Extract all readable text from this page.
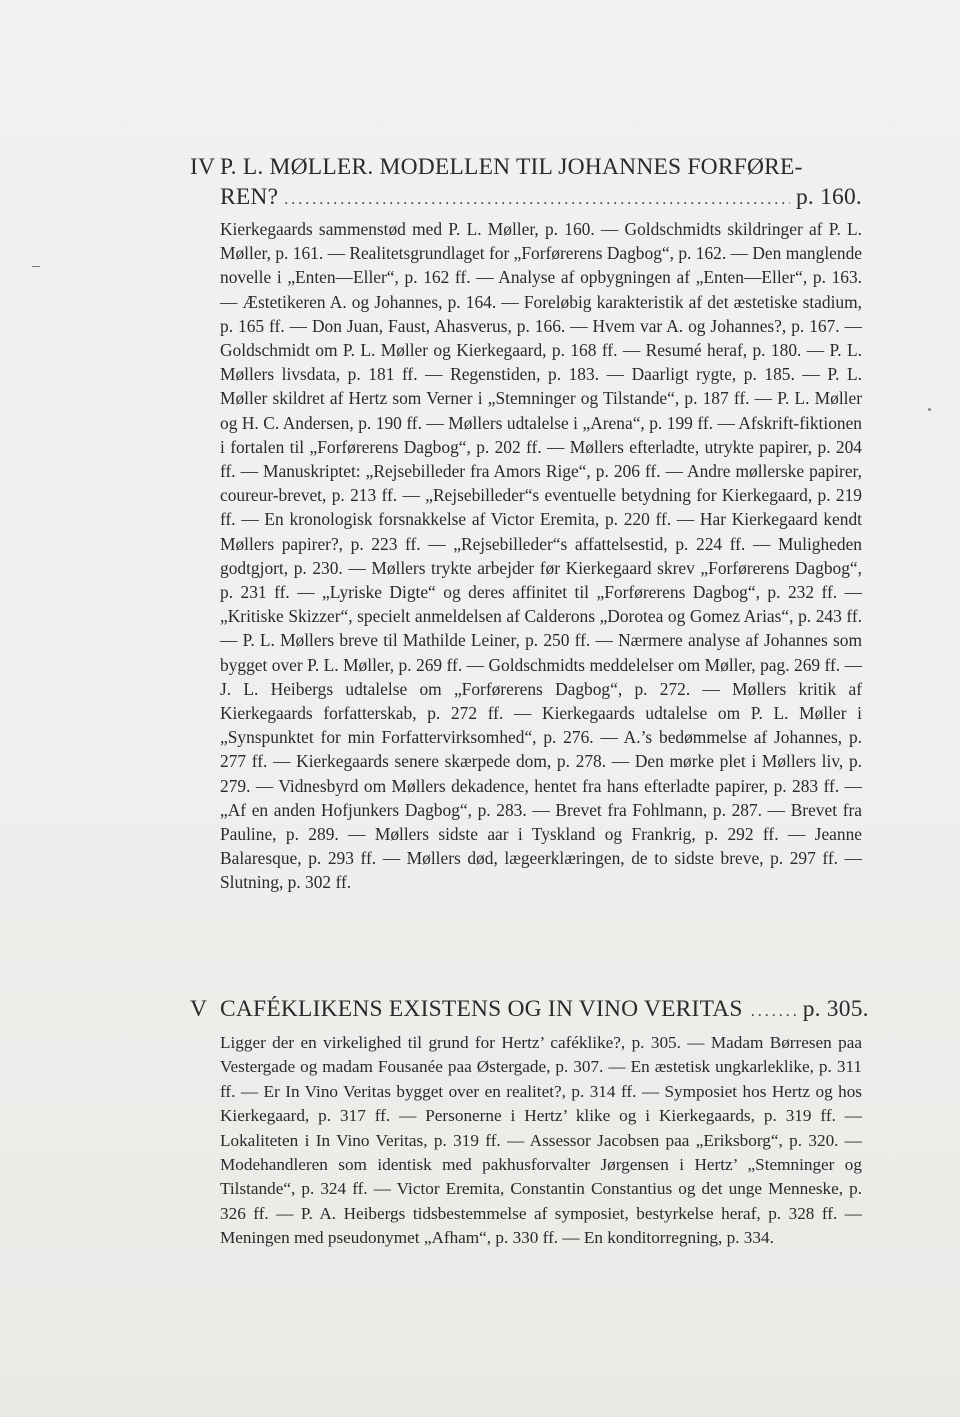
IV P. L. MØLLER. MODELLEN TIL JOHANNES FORFØRE-
REN? .....	p. 160.

Kierkegaards sammenstød med P. L. Møller, p. 160. — Goldschmidts skildringer af P. L. Møller, p. 161. — Realitetsgrundlaget for „Forførerens Dagbog“, p. 162. — Den manglende novelle i „Enten—Eller“, p. 162 ff. — Analyse af opbygningen af „Enten—Eller“, p. 163. — Æstetikeren A. og Johannes, p. 164. — Foreløbig karakteristik af det æstetiske stadium, p. 165 ff. — Don Juan, Faust, Ahasverus, p. 166. — Hvem var A. og Johannes?, p. 167. — Goldschmidt om P. L. Møller og Kierkegaard, p. 168 ff. — Resumé heraf, p. 180. — P. L. Møllers livsdata, p. 181 ff. — Regenstiden, p. 183. — Daarligt rygte, p. 185. — P. L. Møller skildret af Hertz som Verner i „Stemninger og Tilstande“, p. 187 ff. — P. L. Møller og H. C. Andersen, p. 190 ff. — Møllers udtalelse i „Arena“, p. 199 ff. — Afskrift-fiktionen i fortalen til „Forførerens Dagbog“, p. 202 ff. — Møllers efterladte, utrykte papirer, p. 204 ff. — Manuskriptet: „Rejsebilleder fra Amors Rige“, p. 206 ff. — Andre møllerske papirer, coureur-brevet, p. 213 ff. — „Rejsebilleder“s eventuelle betydning for Kierkegaard, p. 219 ff. — En kronologisk forsnakkelse af Victor Eremita, p. 220 ff. — Har Kierkegaard kendt Møllers papirer?, p. 223 ff. — „Rejsebilleder“s affattelsestid, p. 224 ff. — Muligheden godtgjort, p. 230. — Møllers trykte arbejder før Kierkegaard skrev „Forførerens Dagbog“, p. 231 ff. — „Lyriske Digte“ og deres affinitet til „Forførerens Dagbog“, p. 232 ff. — „Kritiske Skizzer“, specielt anmeldelsen af Calderons „Dorotea og Gomez Arias“, p. 243 ff. — P. L. Møllers breve til Mathilde Leiner, p. 250 ff. — Nærmere analyse af Johannes som bygget over P. L. Møller, p. 269 ff. — Goldschmidts meddelelser om Møller, pag. 269 ff. — J. L. Heibergs udtalelse om „Forførerens Dagbog“, p. 272. — Møllers kritik af Kierkegaards forfatterskab, p. 272 ff. — Kierkegaards udtalelse om P. L. Møller i „Synspunktet for min Forfattervirksomhed“, p. 276. — A.’s bedømmelse af Johannes, p. 277 ff. — Kierkegaards senere skærpede dom, p. 278. — Den mørke plet i Møllers liv, p. 279. — Vidnesbyrd om Møllers dekadence, hentet fra hans efterladte papirer, p. 283 ff. — „Af en anden Hofjunkers Dagbog“, p. 283. — Brevet fra Fohlmann, p. 287. — Brevet fra Pauline, p. 289. — Møllers sidste aar i Tyskland og Frankrig, p. 292 ff. — Jeanne Balaresque, p. 293 ff. — Møllers død, lægeerklæringen, de to sidste breve, p. 297 ff. — Slutning, p. 302 ff.

V CAFÉKLIKENS EXISTENS OG IN VINO VERITAS .....	p. 305.

Ligger der en virkelighed til grund for Hertz’ caféklike?, p. 305. — Madam Børresen paa Vestergade og madam Fousanée paa Østergade, p. 307. — En æstetisk ungkarleklike, p. 311 ff. — Er In Vino Veritas bygget over en realitet?, p. 314 ff. — Symposiet hos Hertz og hos Kierkegaard, p. 317 ff. — Personerne i Hertz’ klike og i Kierkegaards, p. 319 ff. — Lokaliteten i In Vino Veritas, p. 319 ff. — Assessor Jacobsen paa „Eriksborg“, p. 320. — Modehandleren som identisk med pakhusforvalter Jørgensen i Hertz’ „Stemninger og Tilstande“, p. 324 ff. — Victor Eremita, Constantin Constantius og det unge Menneske, p. 326 ff. — P. A. Heibergs tidsbestemmelse af symposiet, bestyrkelse heraf, p. 328 ff. — Meningen med pseudonymet „Afham“, p. 330 ff. — En konditorregning, p. 334.
